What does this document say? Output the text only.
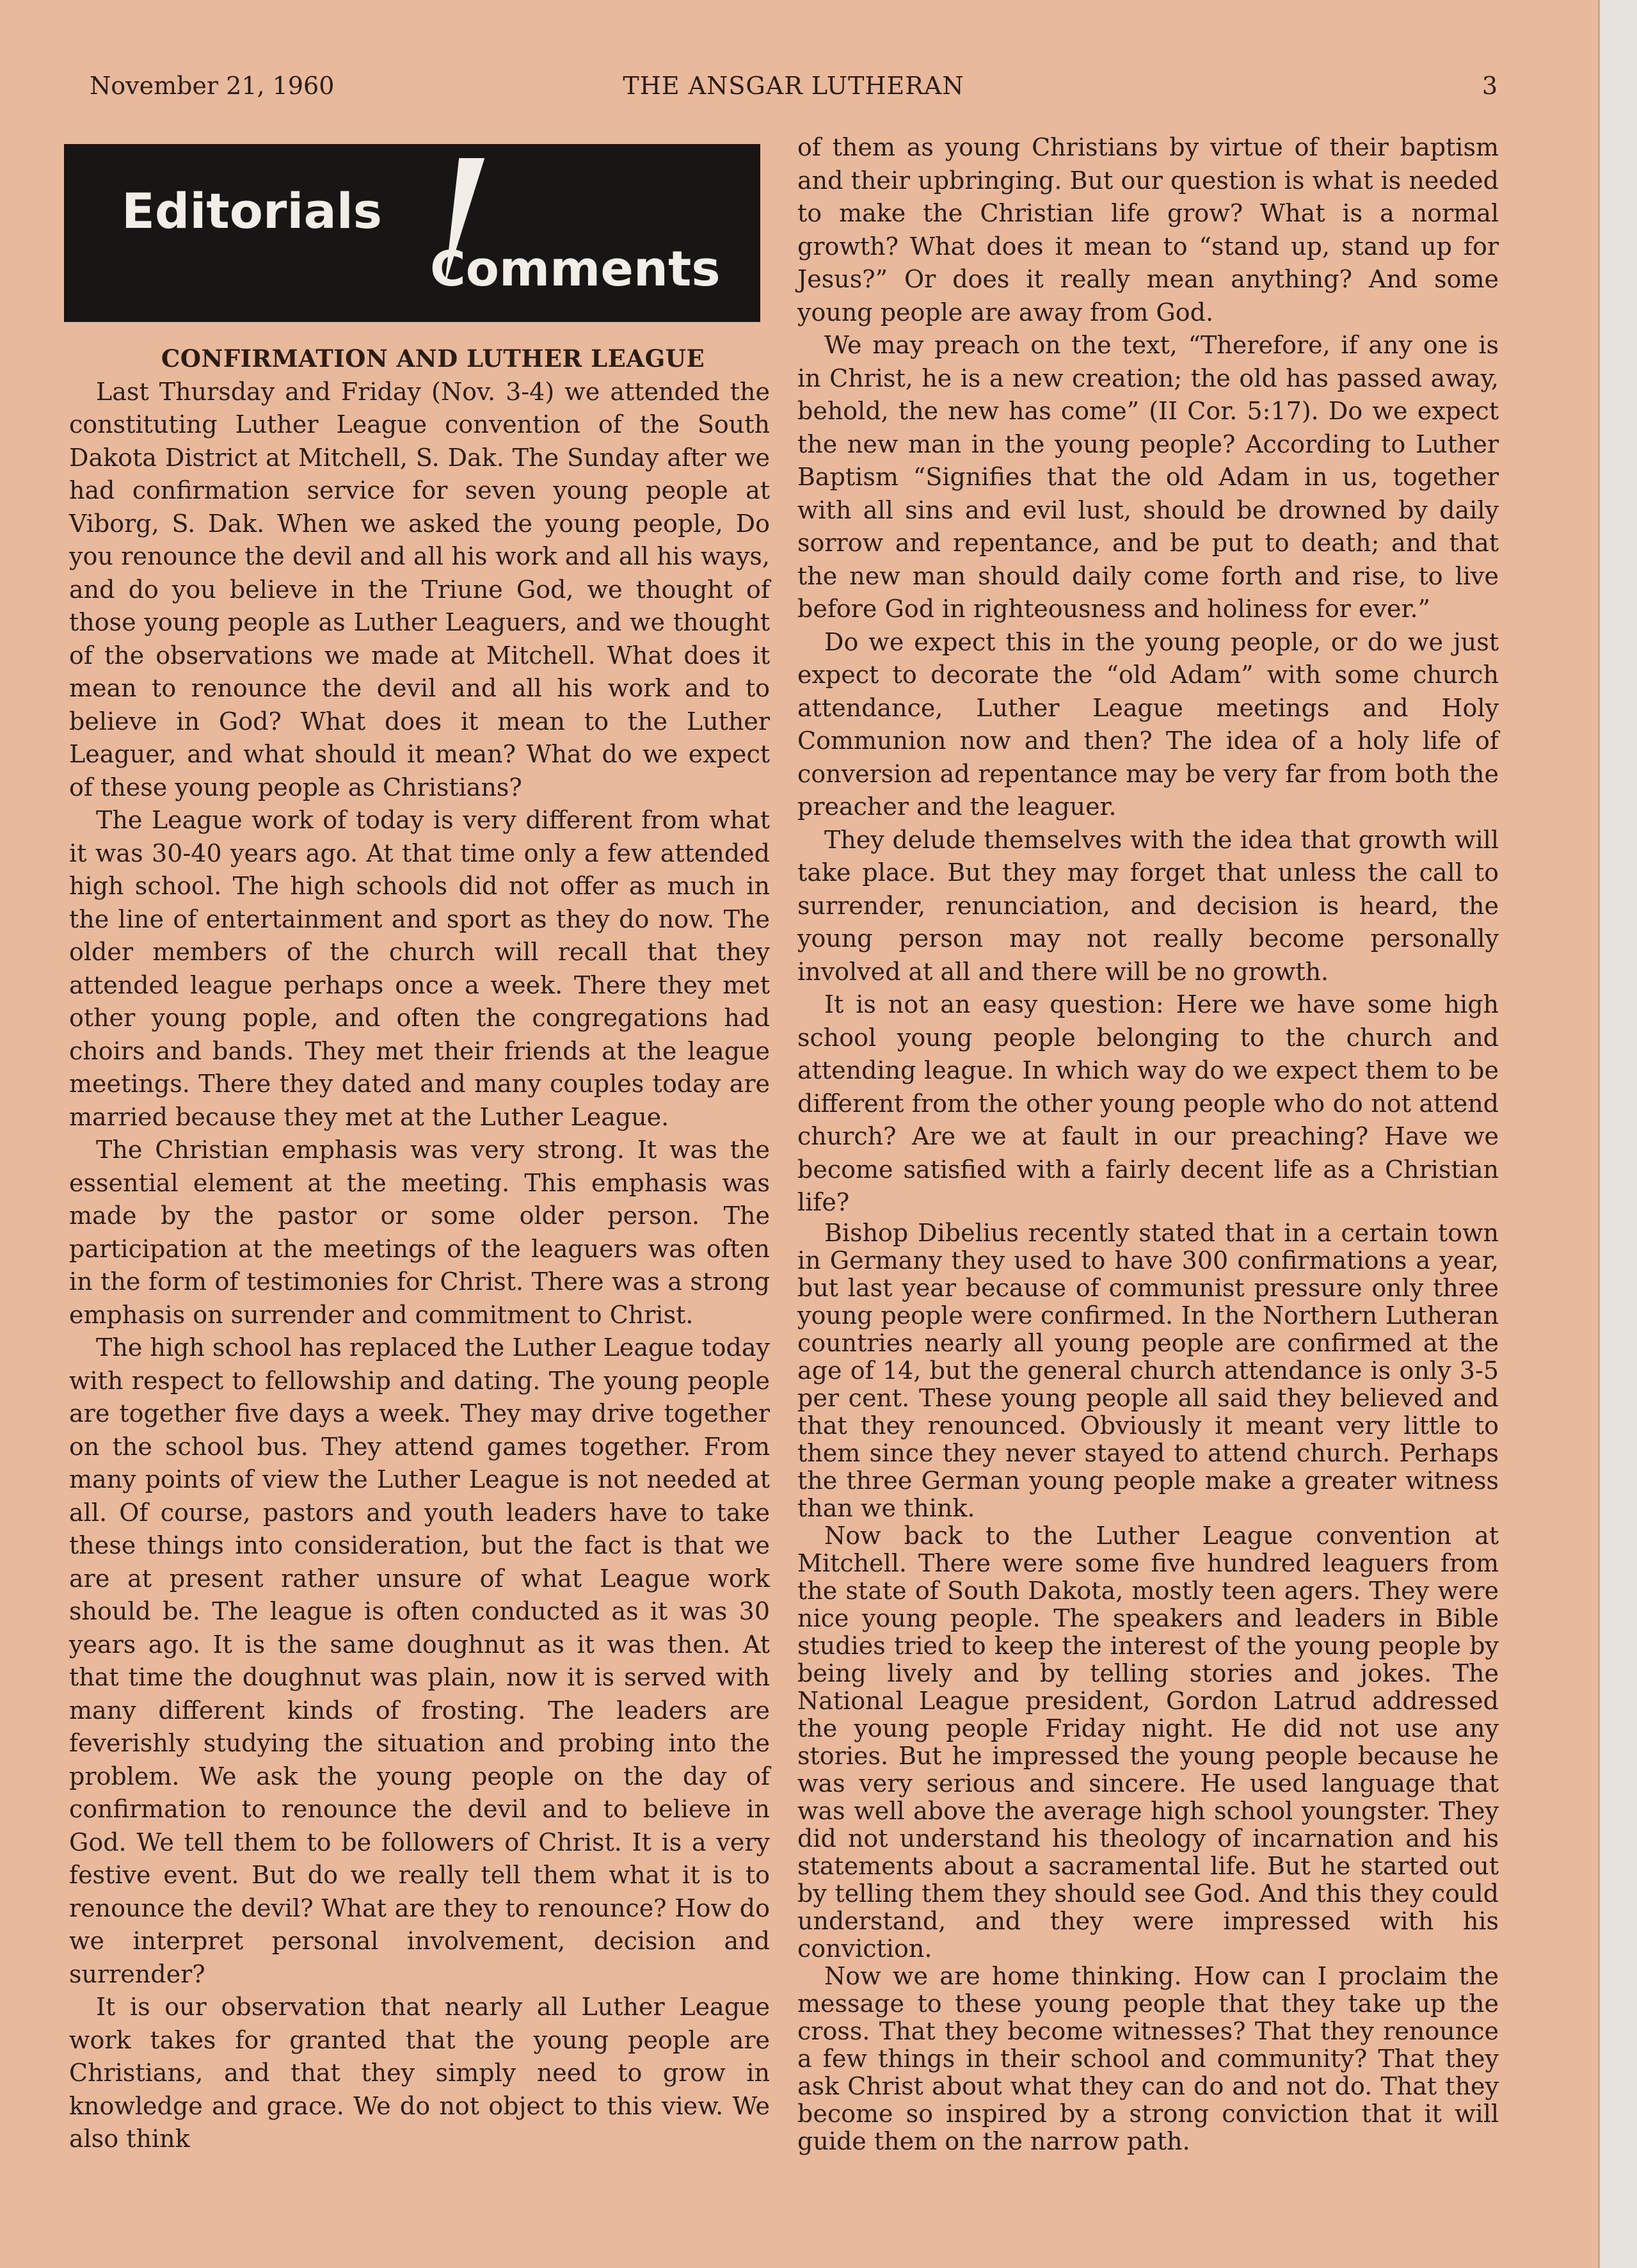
November 21, 1960	THE ANSGAR LUTHERAN	3
Editorials
Comments

CONFIRMATION AND LUTHER LEAGUE

Last Thursday and Friday (Nov. 3-4) we attended the constituting Luther League convention of the South Dakota District at Mitchell, S. Dak. The Sunday after we had confirmation service for seven young people at Viborg, S. Dak. When we asked the young people, Do you renounce the devil and all his work and all his ways, and do you believe in the Triune God, we thought of those young people as Luther Leaguers, and we thought of the observations we made at Mitchell. What does it mean to renounce the devil and all his work and to believe in God? What does it mean to the Luther Leaguer, and what should it mean? What do we expect of these young people as Christians?

The League work of today is very different from what it was 30-40 years ago. At that time only a few attended high school. The high schools did not offer as much in the line of entertainment and sport as they do now. The older members of the church will recall that they attended league perhaps once a week. There they met other young pople, and often the congregations had choirs and bands. They met their friends at the league meetings. There they dated and many couples today are married because they met at the Luther League.

The Christian emphasis was very strong. It was the essential element at the meeting. This emphasis was made by the pastor or some older person. The participation at the meetings of the leaguers was often in the form of testimonies for Christ. There was a strong emphasis on surrender and commitment to Christ.

The high school has replaced the Luther League today with respect to fellowship and dating. The young people are together five days a week. They may drive together on the school bus. They attend games together. From many points of view the Luther League is not needed at all. Of course, pastors and youth leaders have to take these things into consideration, but the fact is that we are at present rather unsure of what League work should be. The league is often conducted as it was 30 years ago. It is the same doughnut as it was then. At that time the doughnut was plain, now it is served with many different kinds of frosting. The leaders are feverishly studying the situation and probing into the problem. We ask the young people on the day of confirmation to renounce the devil and to believe in God. We tell them to be followers of Christ. It is a very festive event. But do we really tell them what it is to renounce the devil? What are they to renounce? How do we interpret personal involvement, decision and surrender?

It is our observation that nearly all Luther League work takes for granted that the young people are Christians, and that they simply need to grow in knowledge and grace. We do not object to this view. We also think

of them as young Christians by virtue of their baptism and their upbringing. But our question is what is needed to make the Christian life grow? What is a normal growth? What does it mean to “stand up, stand up for Jesus?” Or does it really mean anything? And some young people are away from God.

We may preach on the text, “Therefore, if any one is in Christ, he is a new creation; the old has passed away, behold, the new has come” (II Cor. 5:17). Do we expect the new man in the young people? According to Luther Baptism “Signifies that the old Adam in us, together with all sins and evil lust, should be drowned by daily sorrow and repentance, and be put to death; and that the new man should daily come forth and rise, to live before God in righteousness and holiness for ever.”

Do we expect this in the young people, or do we just expect to decorate the “old Adam” with some church attendance, Luther League meetings and Holy Communion now and then? The idea of a holy life of conversion ad repentance may be very far from both the preacher and the leaguer.

They delude themselves with the idea that growth will take place. But they may forget that unless the call to surrender, renunciation, and decision is heard, the young person may not really become personally involved at all and there will be no growth.

It is not an easy question: Here we have some high school young people belonging to the church and attending league. In which way do we expect them to be different from the other young people who do not attend church? Are we at fault in our preaching? Have we become satisfied with a fairly decent life as a Christian life?

Bishop Dibelius recently stated that in a certain town in Germany they used to have 300 confirmations a year, but last year because of communist pressure only three young people were confirmed. In the Northern Lutheran countries nearly all young people are confirmed at the age of 14, but the general church attendance is only 3-5 per cent. These young people all said they believed and that they renounced. Obviously it meant very little to them since they never stayed to attend church. Perhaps the three German young people make a greater witness than we think.

Now back to the Luther League convention at Mitchell. There were some five hundred leaguers from the state of South Dakota, mostly teen agers. They were nice young people. The speakers and leaders in Bible studies tried to keep the interest of the young people by being lively and by telling stories and jokes. The National League president, Gordon Latrud addressed the young people Friday night. He did not use any stories. But he impressed the young people because he was very serious and sincere. He used language that was well above the average high school youngster. They did not understand his theology of incarnation and his statements about a sacramental life. But he started out by telling them they should see God. And this they could understand, and they were impressed with his conviction.

Now we are home thinking. How can I proclaim the message to these young people that they take up the cross. That they become witnesses? That they renounce a few things in their school and community? That they ask Christ about what they can do and not do. That they become so inspired by a strong conviction that it will guide them on the narrow path.
